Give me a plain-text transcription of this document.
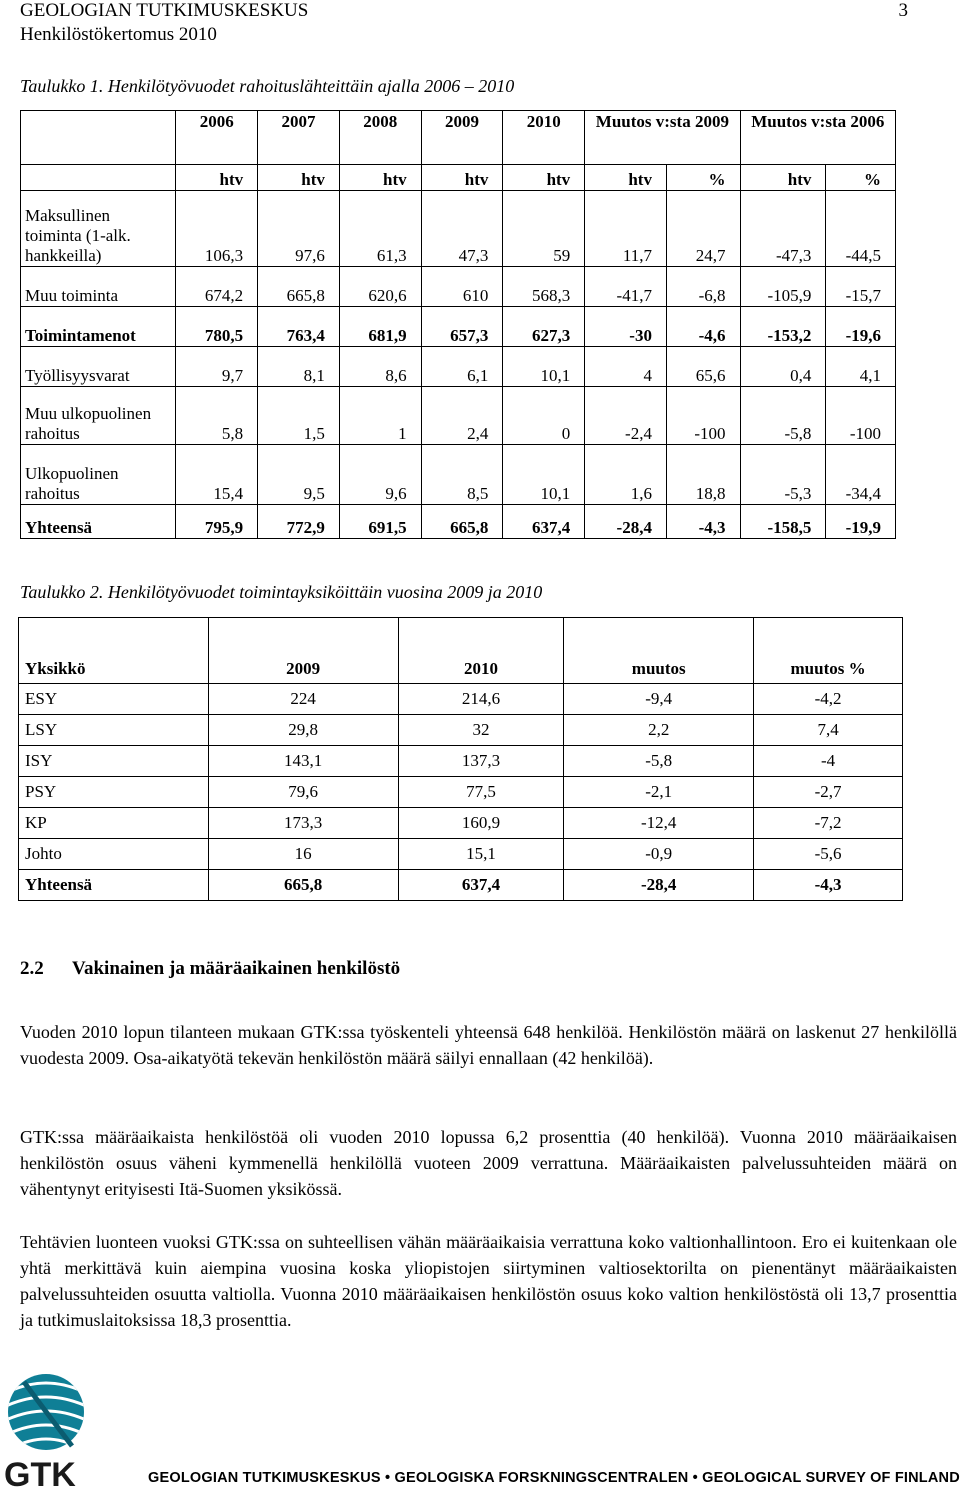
GEOLOGIAN TUTKIMUSKESKUS
Henkilöstökertomus 2010
3
Taulukko 1. Henkilötyövuodet rahoituslähteittäin ajalla 2006 – 2010
	2006	2007	2008	2009	2010	Muutos v:sta 2009		Muutos v:sta 2006	
	htv	htv	htv	htv	htv	htv	%	htv	%
Maksullinen toiminta (1-alk. hankkeilla)	106,3	97,6	61,3	47,3	59	11,7	24,7	-47,3	-44,5
Muu toiminta	674,2	665,8	620,6	610	568,3	-41,7	-6,8	-105,9	-15,7
Toimintamenot	780,5	763,4	681,9	657,3	627,3	-30	-4,6	-153,2	-19,6
Työllisyysvarat	9,7	8,1	8,6	6,1	10,1	4	65,6	0,4	4,1
Muu ulkopuolinen rahoitus	5,8	1,5	1	2,4	0	-2,4	-100	-5,8	-100
Ulkopuolinen rahoitus	15,4	9,5	9,6	8,5	10,1	1,6	18,8	-5,3	-34,4
Yhteensä	795,9	772,9	691,5	665,8	637,4	-28,4	-4,3	-158,5	-19,9
Taulukko 2. Henkilötyövuodet toimintayksiköittäin vuosina 2009 ja 2010
Yksikkö	2009	2010	muutos	muutos %
ESY	224	214,6	-9,4	-4,2
LSY	29,8	32	2,2	7,4
ISY	143,1	137,3	-5,8	-4
PSY	79,6	77,5	-2,1	-2,7
KP	173,3	160,9	-12,4	-7,2
Johto	16	15,1	-0,9	-5,6
Yhteensä	665,8	637,4	-28,4	-4,3
2.2 Vakinainen ja määräaikainen henkilöstö
Vuoden 2010 lopun tilanteen mukaan GTK:ssa työskenteli yhteensä 648 henkilöä. Henkilöstön määrä on laskenut 27 henkilöllä vuodesta 2009. Osa-aikatyötä tekevän henkilöstön määrä säilyi ennallaan (42 henkilöä).
GTK:ssa määräaikaista henkilöstöä oli vuoden 2010 lopussa 6,2 prosenttia (40 henkilöä). Vuonna 2010 määräaikaisen henkilöstön osuus väheni kymmenellä henkilöllä vuoteen 2009 verrattuna. Määräaikaisten palvelussuhteiden määrä on vähentynyt erityisesti Itä-Suomen yksikössä.
Tehtävien luonteen vuoksi GTK:ssa on suhteellisen vähän määräaikaisia verrattuna koko valtionhallintoon. Ero ei kuitenkaan ole yhtä merkittävä kuin aiempina vuosina koska yliopistojen siirtyminen valtiosektorilta on pienentänyt määräaikaisten palvelussuhteiden osuutta valtiolla. Vuonna 2010 määräaikaisen henkilöstön osuus koko valtion henkilöstöstä oli 13,7 prosenttia ja tutkimuslaitoksissa 18,3 prosenttia.
GTK	GEOLOGIAN TUTKIMUSKESKUS • GEOLOGISKA FORSKNINGSCENTRALEN • GEOLOGICAL SURVEY OF FINLAND
